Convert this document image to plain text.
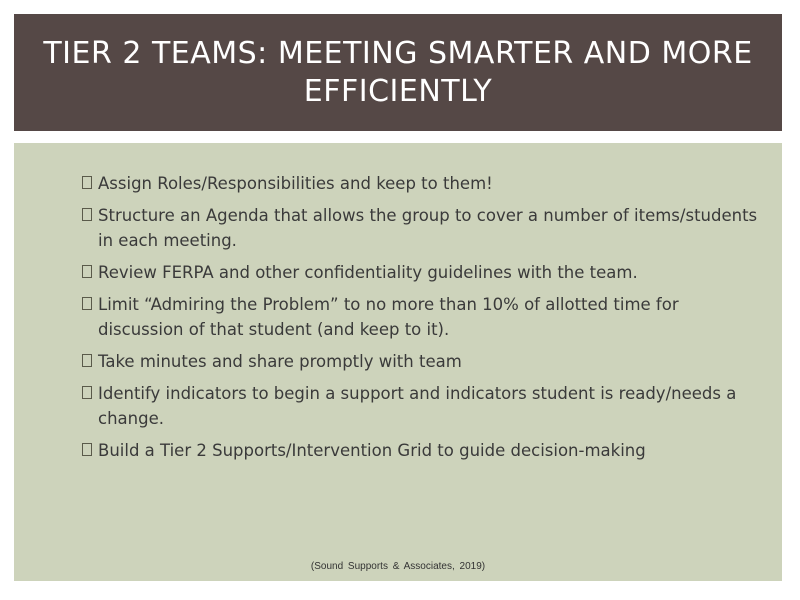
TIER 2 TEAMS: MEETING SMARTER AND MORE EFFICIENTLY
Assign Roles/Responsibilities and keep to them!
Structure an Agenda that allows the group to cover a number of items/students in each meeting.
Review FERPA and other confidentiality guidelines with the team.
Limit “Admiring the Problem” to no more than 10% of allotted time for discussion of that student (and keep to it).
Take minutes and share promptly with team
Identify indicators to begin a support and indicators student is ready/needs a change.
Build a Tier 2 Supports/Intervention Grid to guide decision-making
(Sound Supports & Associates, 2019)
